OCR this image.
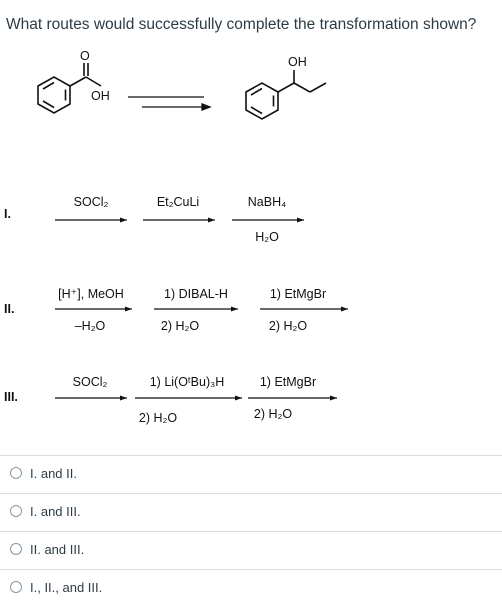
What routes would successfully complete the transformation shown?
O
OH
OH
I.
SOCl₂	Et₂CuLi	NaBH₄
H₂O
II.
[H⁺], MeOH
–H₂O
1) DIBAL-H
2) H₂O
1) EtMgBr
2) H₂O
III.
SOCl₂	1) Li(OᵗBu)₃H
2) H₂O
1) EtMgBr
2) H₂O
I. and II.
I. and III.
II. and III.
I., II., and III.
